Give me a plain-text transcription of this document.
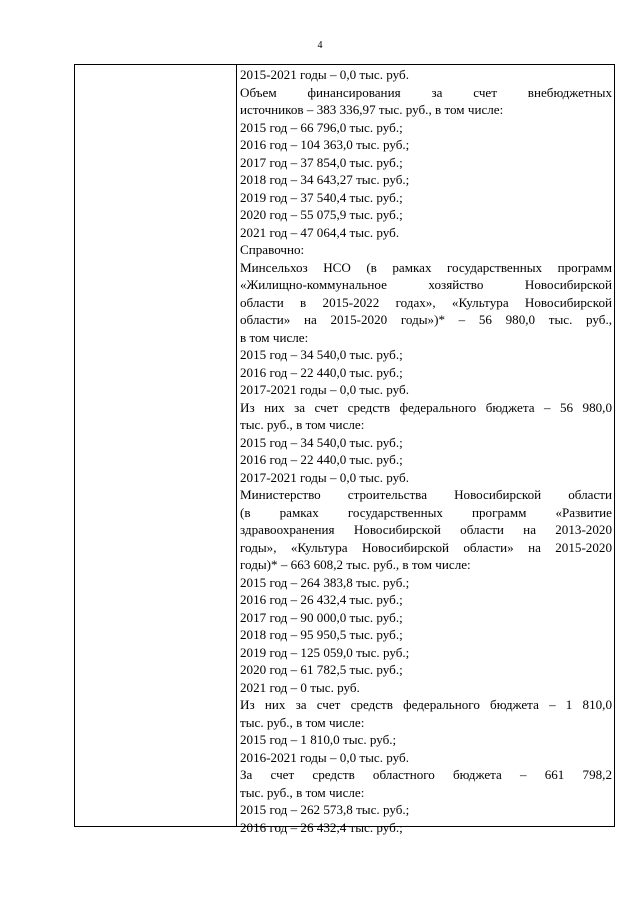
4
2015-2021 годы – 0,0 тыс. руб.
Объем финансирования за счет внебюджетных
источников – 383 336,97 тыс. руб., в том числе:
2015 год – 66 796,0 тыс. руб.;
2016 год – 104 363,0 тыс. руб.;
2017 год – 37 854,0 тыс. руб.;
2018 год – 34 643,27 тыс. руб.;
2019 год – 37 540,4 тыс. руб.;
2020 год – 55 075,9 тыс. руб.;
2021 год – 47 064,4 тыс. руб.
Справочно:
Минсельхоз НСО (в рамках государственных программ
«Жилищно-коммунальное хозяйство Новосибирской
области в 2015-2022 годах», «Культура Новосибирской
области» на 2015-2020 годы»)* – 56 980,0 тыс. руб.,
в том числе:
2015 год – 34 540,0 тыс. руб.;
2016 год – 22 440,0 тыс. руб.;
2017-2021 годы – 0,0 тыс. руб.
Из них за счет средств федерального бюджета – 56 980,0
тыс. руб., в том числе:
2015 год – 34 540,0 тыс. руб.;
2016 год – 22 440,0 тыс. руб.;
2017-2021 годы – 0,0 тыс. руб.
Министерство строительства Новосибирской области
(в рамках государственных программ «Развитие
здравоохранения Новосибирской области на 2013-2020
годы», «Культура Новосибирской области» на 2015-2020
годы)* – 663 608,2 тыс. руб., в том числе:
2015 год – 264 383,8 тыс. руб.;
2016 год – 26 432,4 тыс. руб.;
2017 год – 90 000,0 тыс. руб.;
2018 год – 95 950,5 тыс. руб.;
2019 год – 125 059,0 тыс. руб.;
2020 год – 61 782,5 тыс. руб.;
2021 год – 0 тыс. руб.
Из них за счет средств федерального бюджета – 1 810,0
тыс. руб., в том числе:
2015 год – 1 810,0 тыс. руб.;
2016-2021 годы – 0,0 тыс. руб.
За счет средств областного бюджета – 661 798,2
тыс. руб., в том числе:
2015 год – 262 573,8 тыс. руб.;
2016 год – 26 432,4 тыс. руб.;
